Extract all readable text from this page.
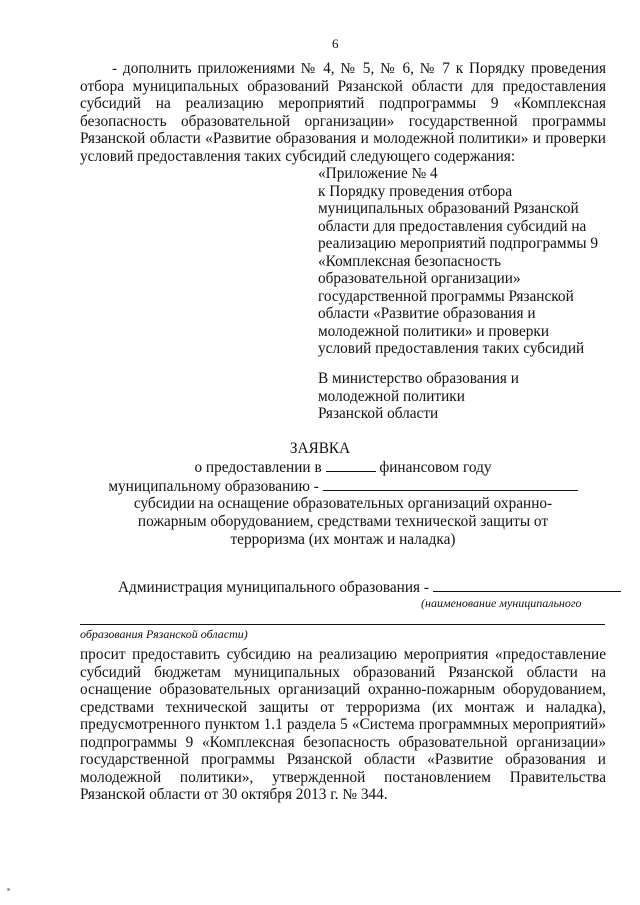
6
- дополнить приложениями № 4, № 5, № 6, № 7 к Порядку проведения отбора муниципальных образований Рязанской области для предоставления субсидий на реализацию мероприятий подпрограммы 9 «Комплексная безопасность образовательной организации» государственной программы Рязанской области «Развитие образования и молодежной политики» и проверки условий предоставления таких субсидий следующего содержания:
«Приложение № 4
к Порядку проведения отбора
муниципальных образований Рязанской
области для предоставления субсидий на
реализацию мероприятий подпрограммы 9
«Комплексная безопасность
образовательной организации»
государственной программы Рязанской
области «Развитие образования и
молодежной политики» и проверки
условий предоставления таких субсидий
В министерство образования и
молодежной политики
Рязанской области
ЗАЯВКА
о предоставлении в	финансовом году
муниципальному образованию -
субсидии на оснащение образовательных организаций охранно-
пожарным оборудованием, средствами технической защиты от
терроризма (их монтаж и наладка)
Администрация муниципального образования -
(наименование муниципального
образования Рязанской области)
просит предоставить субсидию на реализацию мероприятия «предоставление субсидий бюджетам муниципальных образований Рязанской области на оснащение образовательных организаций охранно-пожарным оборудованием, средствами технической защиты от терроризма (их монтаж и наладка), предусмотренного пунктом 1.1 раздела 5 «Система программных мероприятий» подпрограммы 9 «Комплексная безопасность образовательной организации» государственной программы Рязанской области «Развитие образования и молодежной политики», утвержденной постановлением Правительства Рязанской области от 30 октября 2013 г. № 344.
